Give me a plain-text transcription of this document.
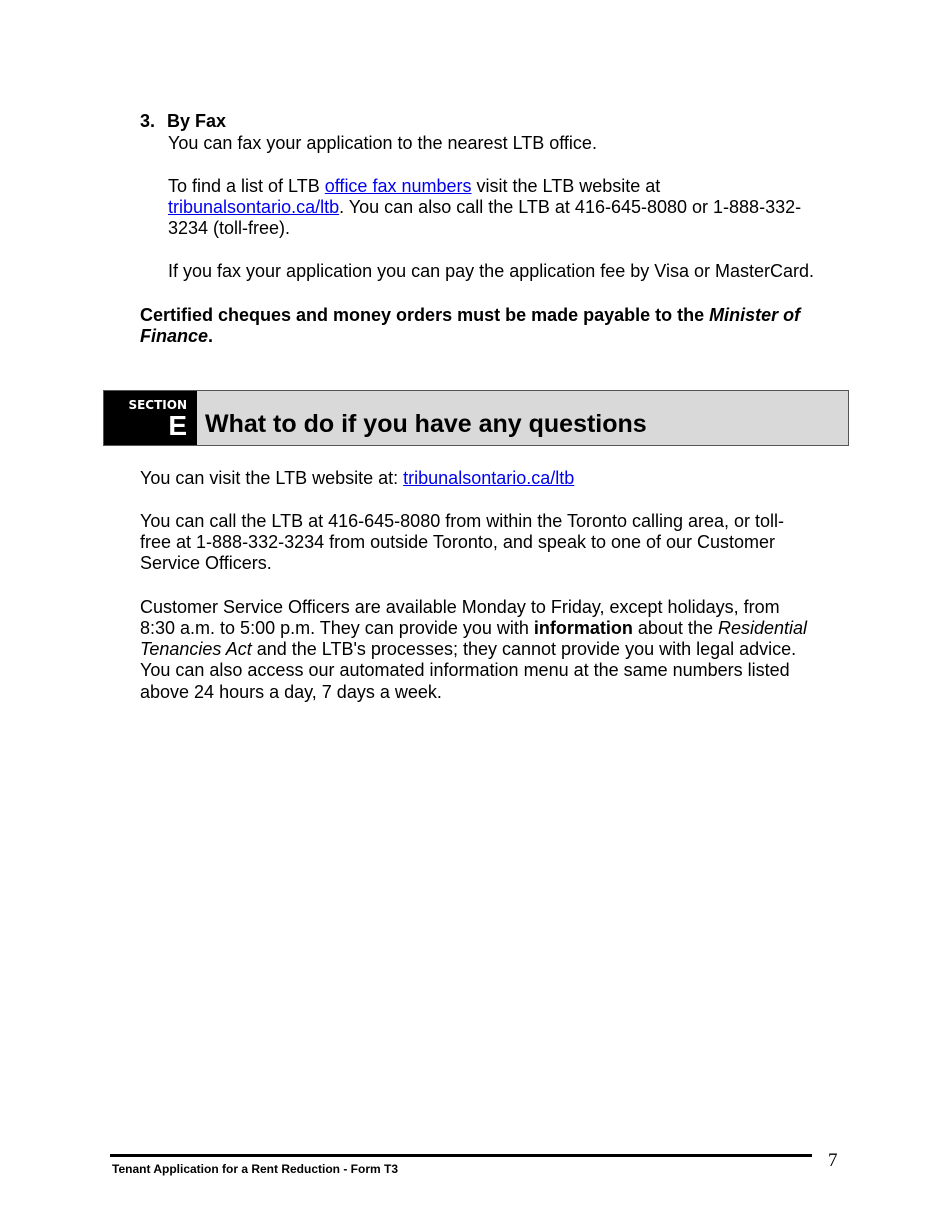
3. By Fax
You can fax your application to the nearest LTB office.
To find a list of LTB office fax numbers visit the LTB website at
tribunalsontario.ca/ltb. You can also call the LTB at 416-645-8080 or 1-888-332-
3234 (toll-free).
If you fax your application you can pay the application fee by Visa or MasterCard.
Certified cheques and money orders must be made payable to the Minister of
Finance.
SECTION
E What to do if you have any questions
You can visit the LTB website at: tribunalsontario.ca/ltb
You can call the LTB at 416-645-8080 from within the Toronto calling area, or toll-
free at 1-888-332-3234 from outside Toronto, and speak to one of our Customer
Service Officers.
Customer Service Officers are available Monday to Friday, except holidays, from
8:30 a.m. to 5:00 p.m. They can provide you with information about the Residential
Tenancies Act and the LTB's processes; they cannot provide you with legal advice.
You can also access our automated information menu at the same numbers listed
above 24 hours a day, 7 days a week.
Tenant Application for a Rent Reduction - Form T3	7
